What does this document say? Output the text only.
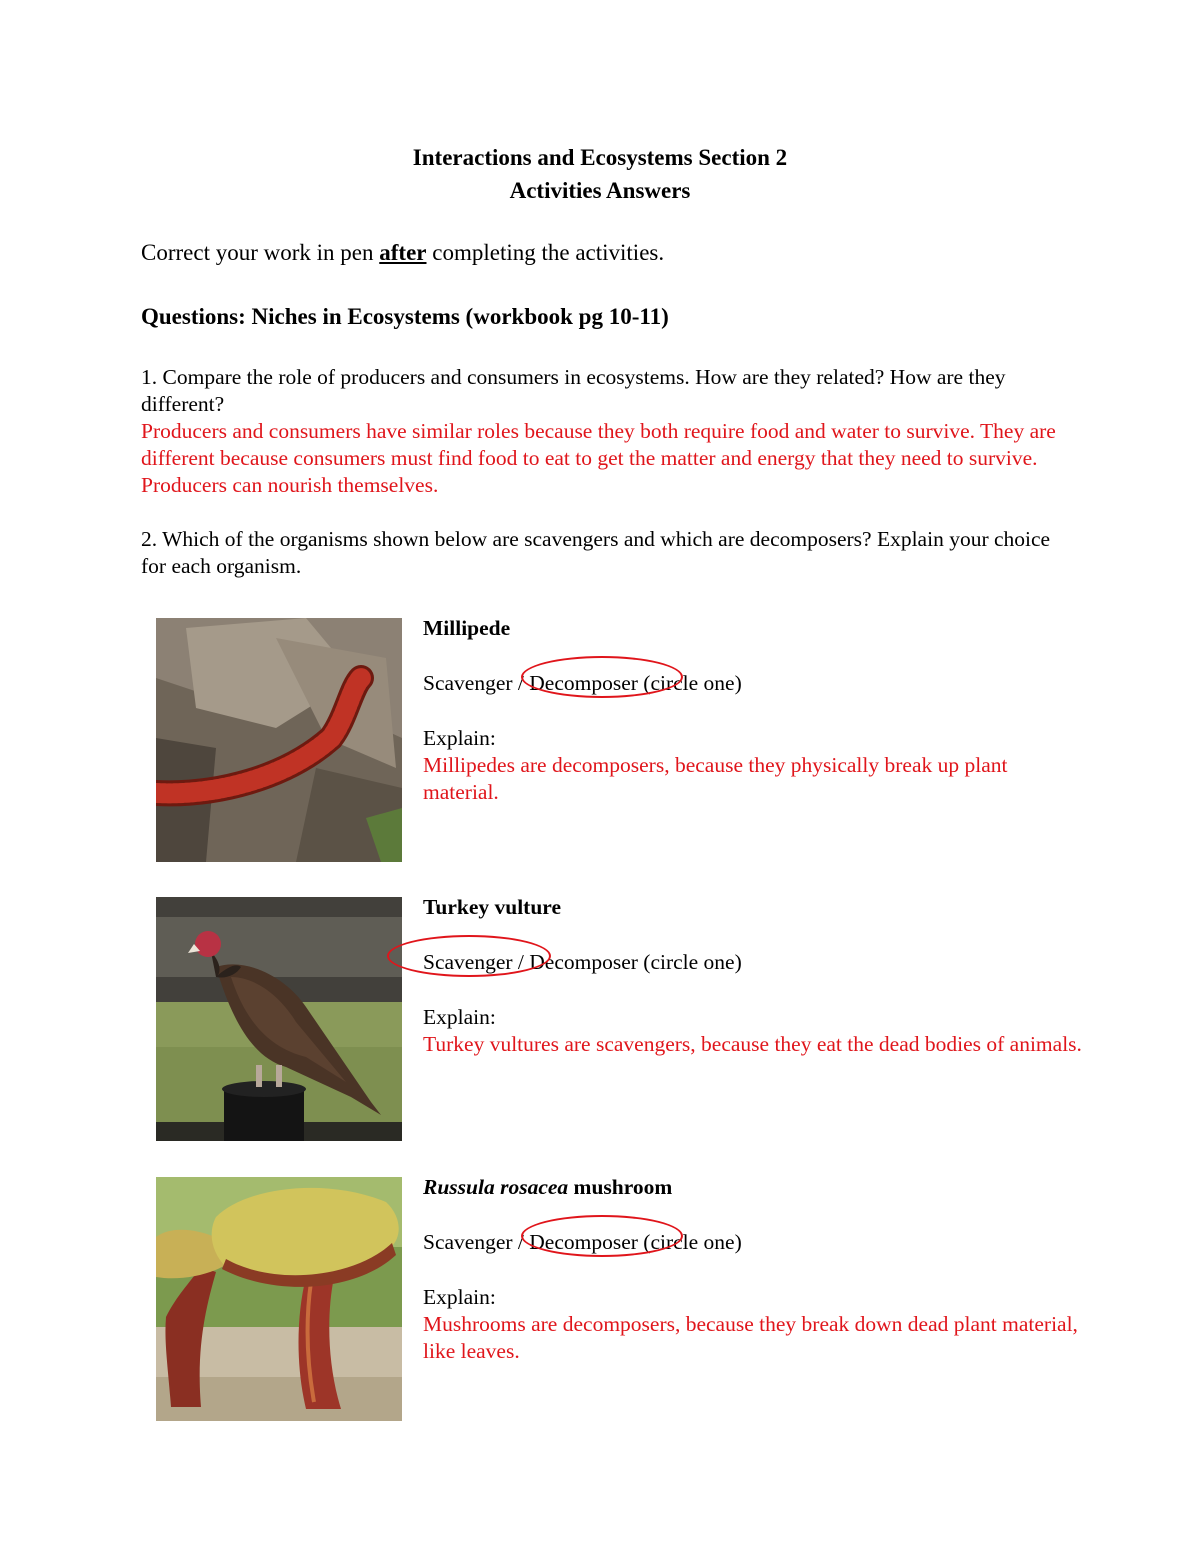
Interactions and Ecosystems Section 2
Activities Answers
Correct your work in pen after completing the activities.
Questions: Niches in Ecosystems (workbook pg 10-11)
1. Compare the role of producers and consumers in ecosystems. How are they related? How are they different?
Producers and consumers have similar roles because they both require food and water to survive. They are different because consumers must find food to eat to get the matter and energy that they need to survive. Producers can nourish themselves.
2. Which of the organisms shown below are scavengers and which are decomposers? Explain your choice for each organism.
Millipede
Scavenger / Decomposer (circle one)
Explain:
Millipedes are decomposers, because they physically break up plant material.
Turkey vulture
Scavenger / Decomposer (circle one)
Explain:
Turkey vultures are scavengers, because they eat the dead bodies of animals.
Russula rosacea mushroom
Scavenger / Decomposer (circle one)
Explain:
Mushrooms are decomposers, because they break down dead plant material, like leaves.
